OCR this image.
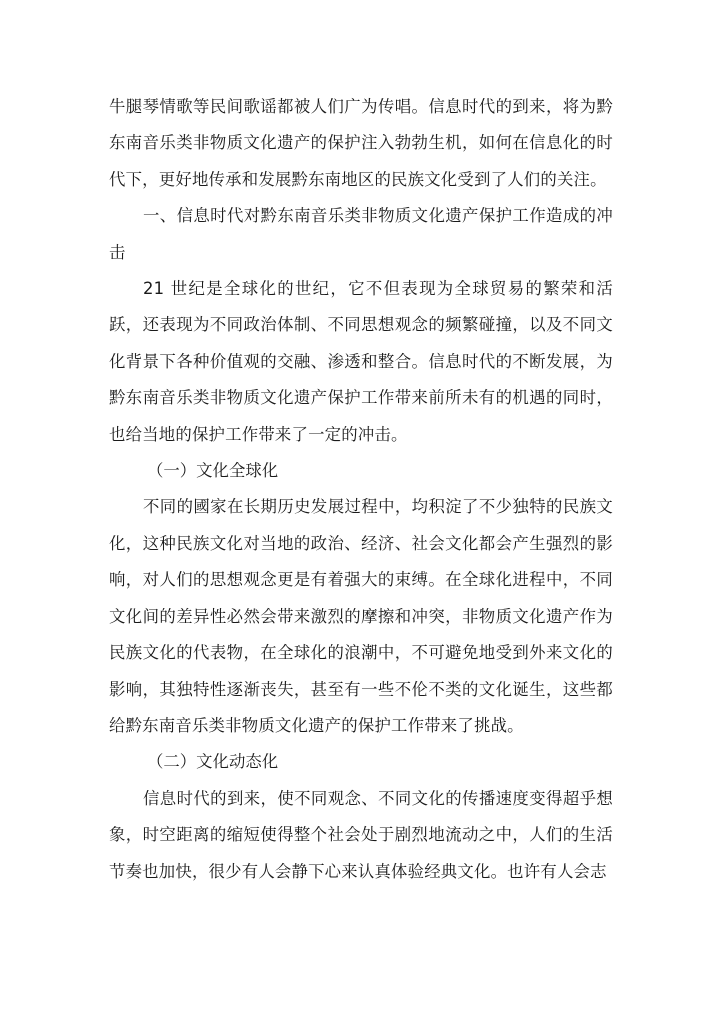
牛腿琴情歌等民间歌谣都被人们广为传唱。信息时代的到来，将为黔东南音乐类非物质文化遗产的保护注入勃勃生机，如何在信息化的时代下，更好地传承和发展黔东南地区的民族文化受到了人们的关注。

一、信息时代对黔东南音乐类非物质文化遗产保护工作造成的冲击

21 世纪是全球化的世纪，它不但表现为全球贸易的繁荣和活跃，还表现为不同政治体制、不同思想观念的频繁碰撞，以及不同文化背景下各种价值观的交融、渗透和整合。信息时代的不断发展，为黔东南音乐类非物质文化遗产保护工作带来前所未有的机遇的同时，也给当地的保护工作带来了一定的冲击。

（一）文化全球化

不同的國家在长期历史发展过程中，均积淀了不少独特的民族文化，这种民族文化对当地的政治、经济、社会文化都会产生强烈的影响，对人们的思想观念更是有着强大的束缚。在全球化进程中，不同文化间的差异性必然会带来激烈的摩擦和冲突，非物质文化遗产作为民族文化的代表物，在全球化的浪潮中，不可避免地受到外来文化的影响，其独特性逐渐丧失，甚至有一些不伦不类的文化诞生，这些都给黔东南音乐类非物质文化遗产的保护工作带来了挑战。

（二）文化动态化

信息时代的到来，使不同观念、不同文化的传播速度变得超乎想象，时空距离的缩短使得整个社会处于剧烈地流动之中，人们的生活节奏也加快，很少有人会静下心来认真体验经典文化。也许有人会志
